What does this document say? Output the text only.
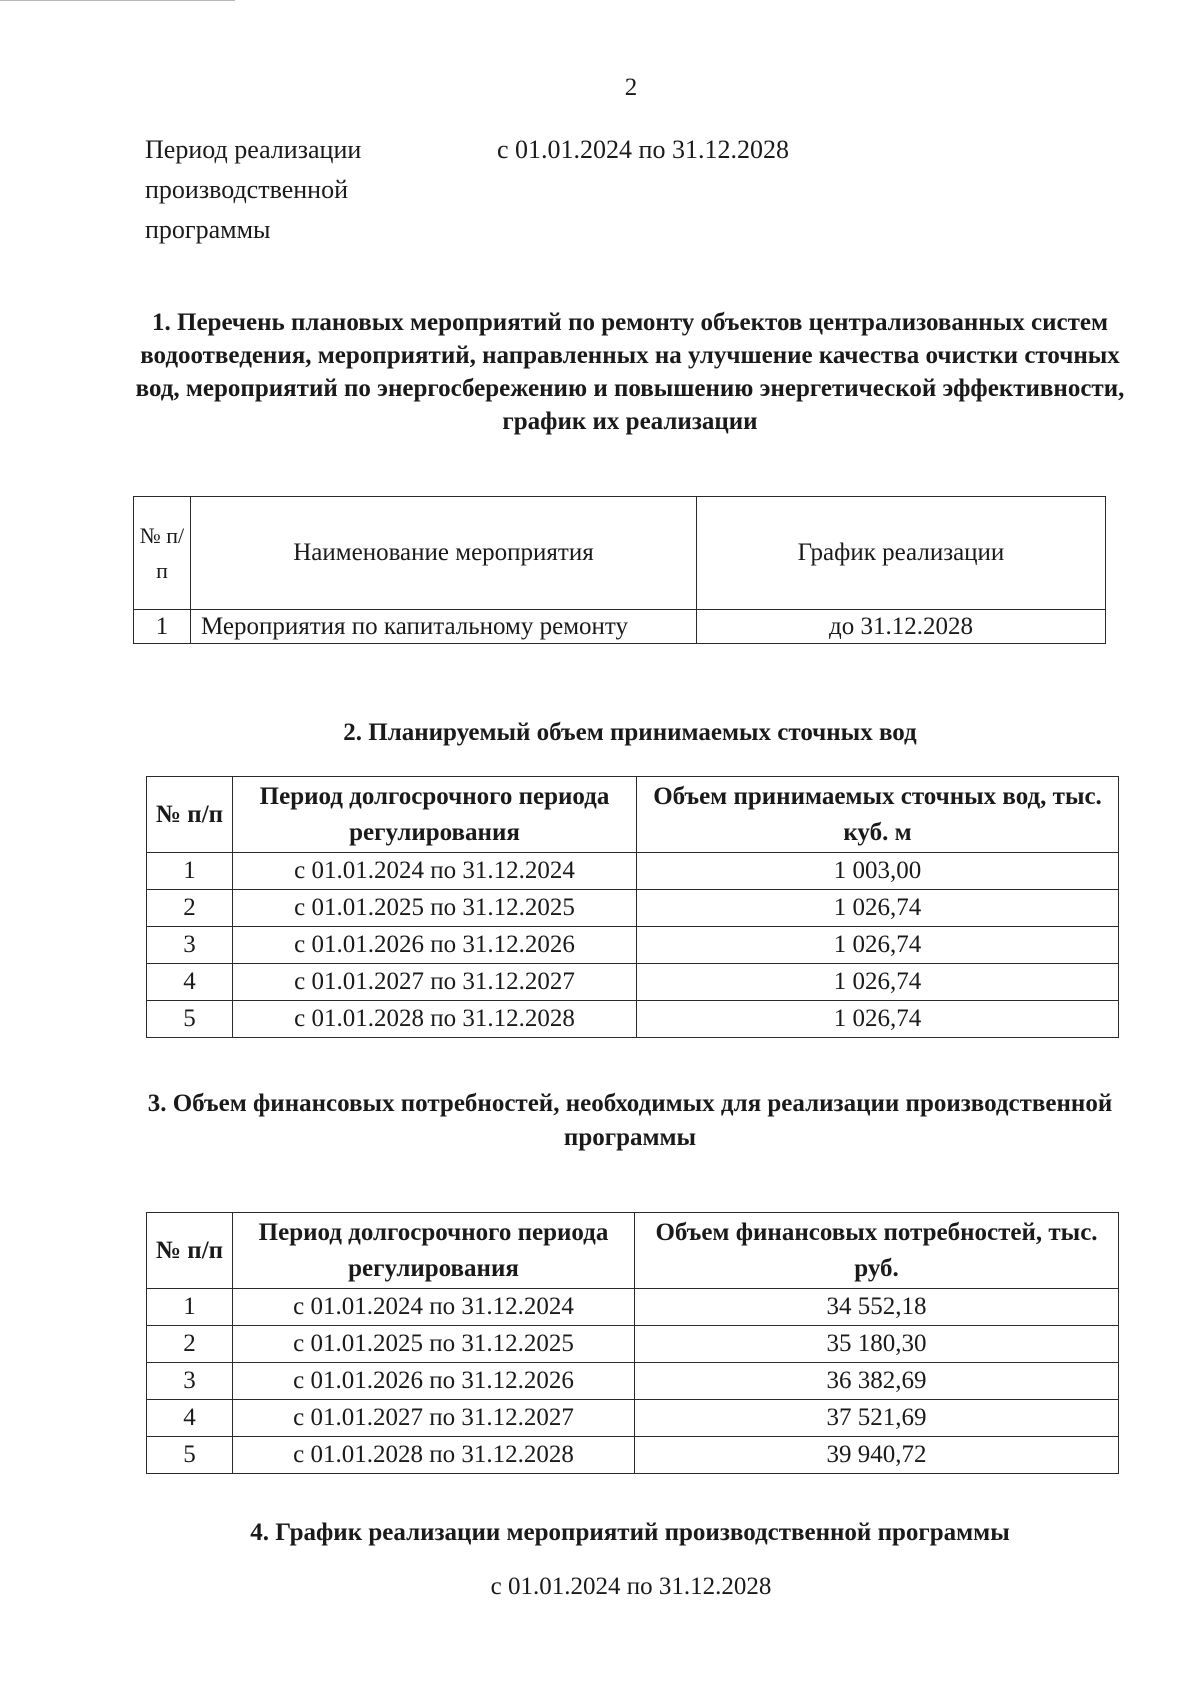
2
Период реализации производственной программы
с 01.01.2024 по 31.12.2028
1. Перечень плановых мероприятий по ремонту объектов централизованных систем водоотведения, мероприятий, направленных на улучшение качества очистки сточных вод, мероприятий по энергосбережению и повышению энергетической эффективности, график их реализации
№ п/ п	Наименование мероприятия	График реализации
1	Мероприятия по капитальному ремонту	до 31.12.2028
2. Планируемый объем принимаемых сточных вод
№ п/п	Период долгосрочного периода регулирования	Объем принимаемых сточных вод, тыс. куб. м
1	с 01.01.2024 по 31.12.2024	1 003,00
2	с 01.01.2025 по 31.12.2025	1 026,74
3	с 01.01.2026 по 31.12.2026	1 026,74
4	с 01.01.2027 по 31.12.2027	1 026,74
5	с 01.01.2028 по 31.12.2028	1 026,74
3. Объем финансовых потребностей, необходимых для реализации производственной программы
№ п/п	Период долгосрочного периода регулирования	Объем финансовых потребностей, тыс. руб.
1	с 01.01.2024 по 31.12.2024	34 552,18
2	с 01.01.2025 по 31.12.2025	35 180,30
3	с 01.01.2026 по 31.12.2026	36 382,69
4	с 01.01.2027 по 31.12.2027	37 521,69
5	с 01.01.2028 по 31.12.2028	39 940,72
4. График реализации мероприятий производственной программы
с 01.01.2024 по 31.12.2028
